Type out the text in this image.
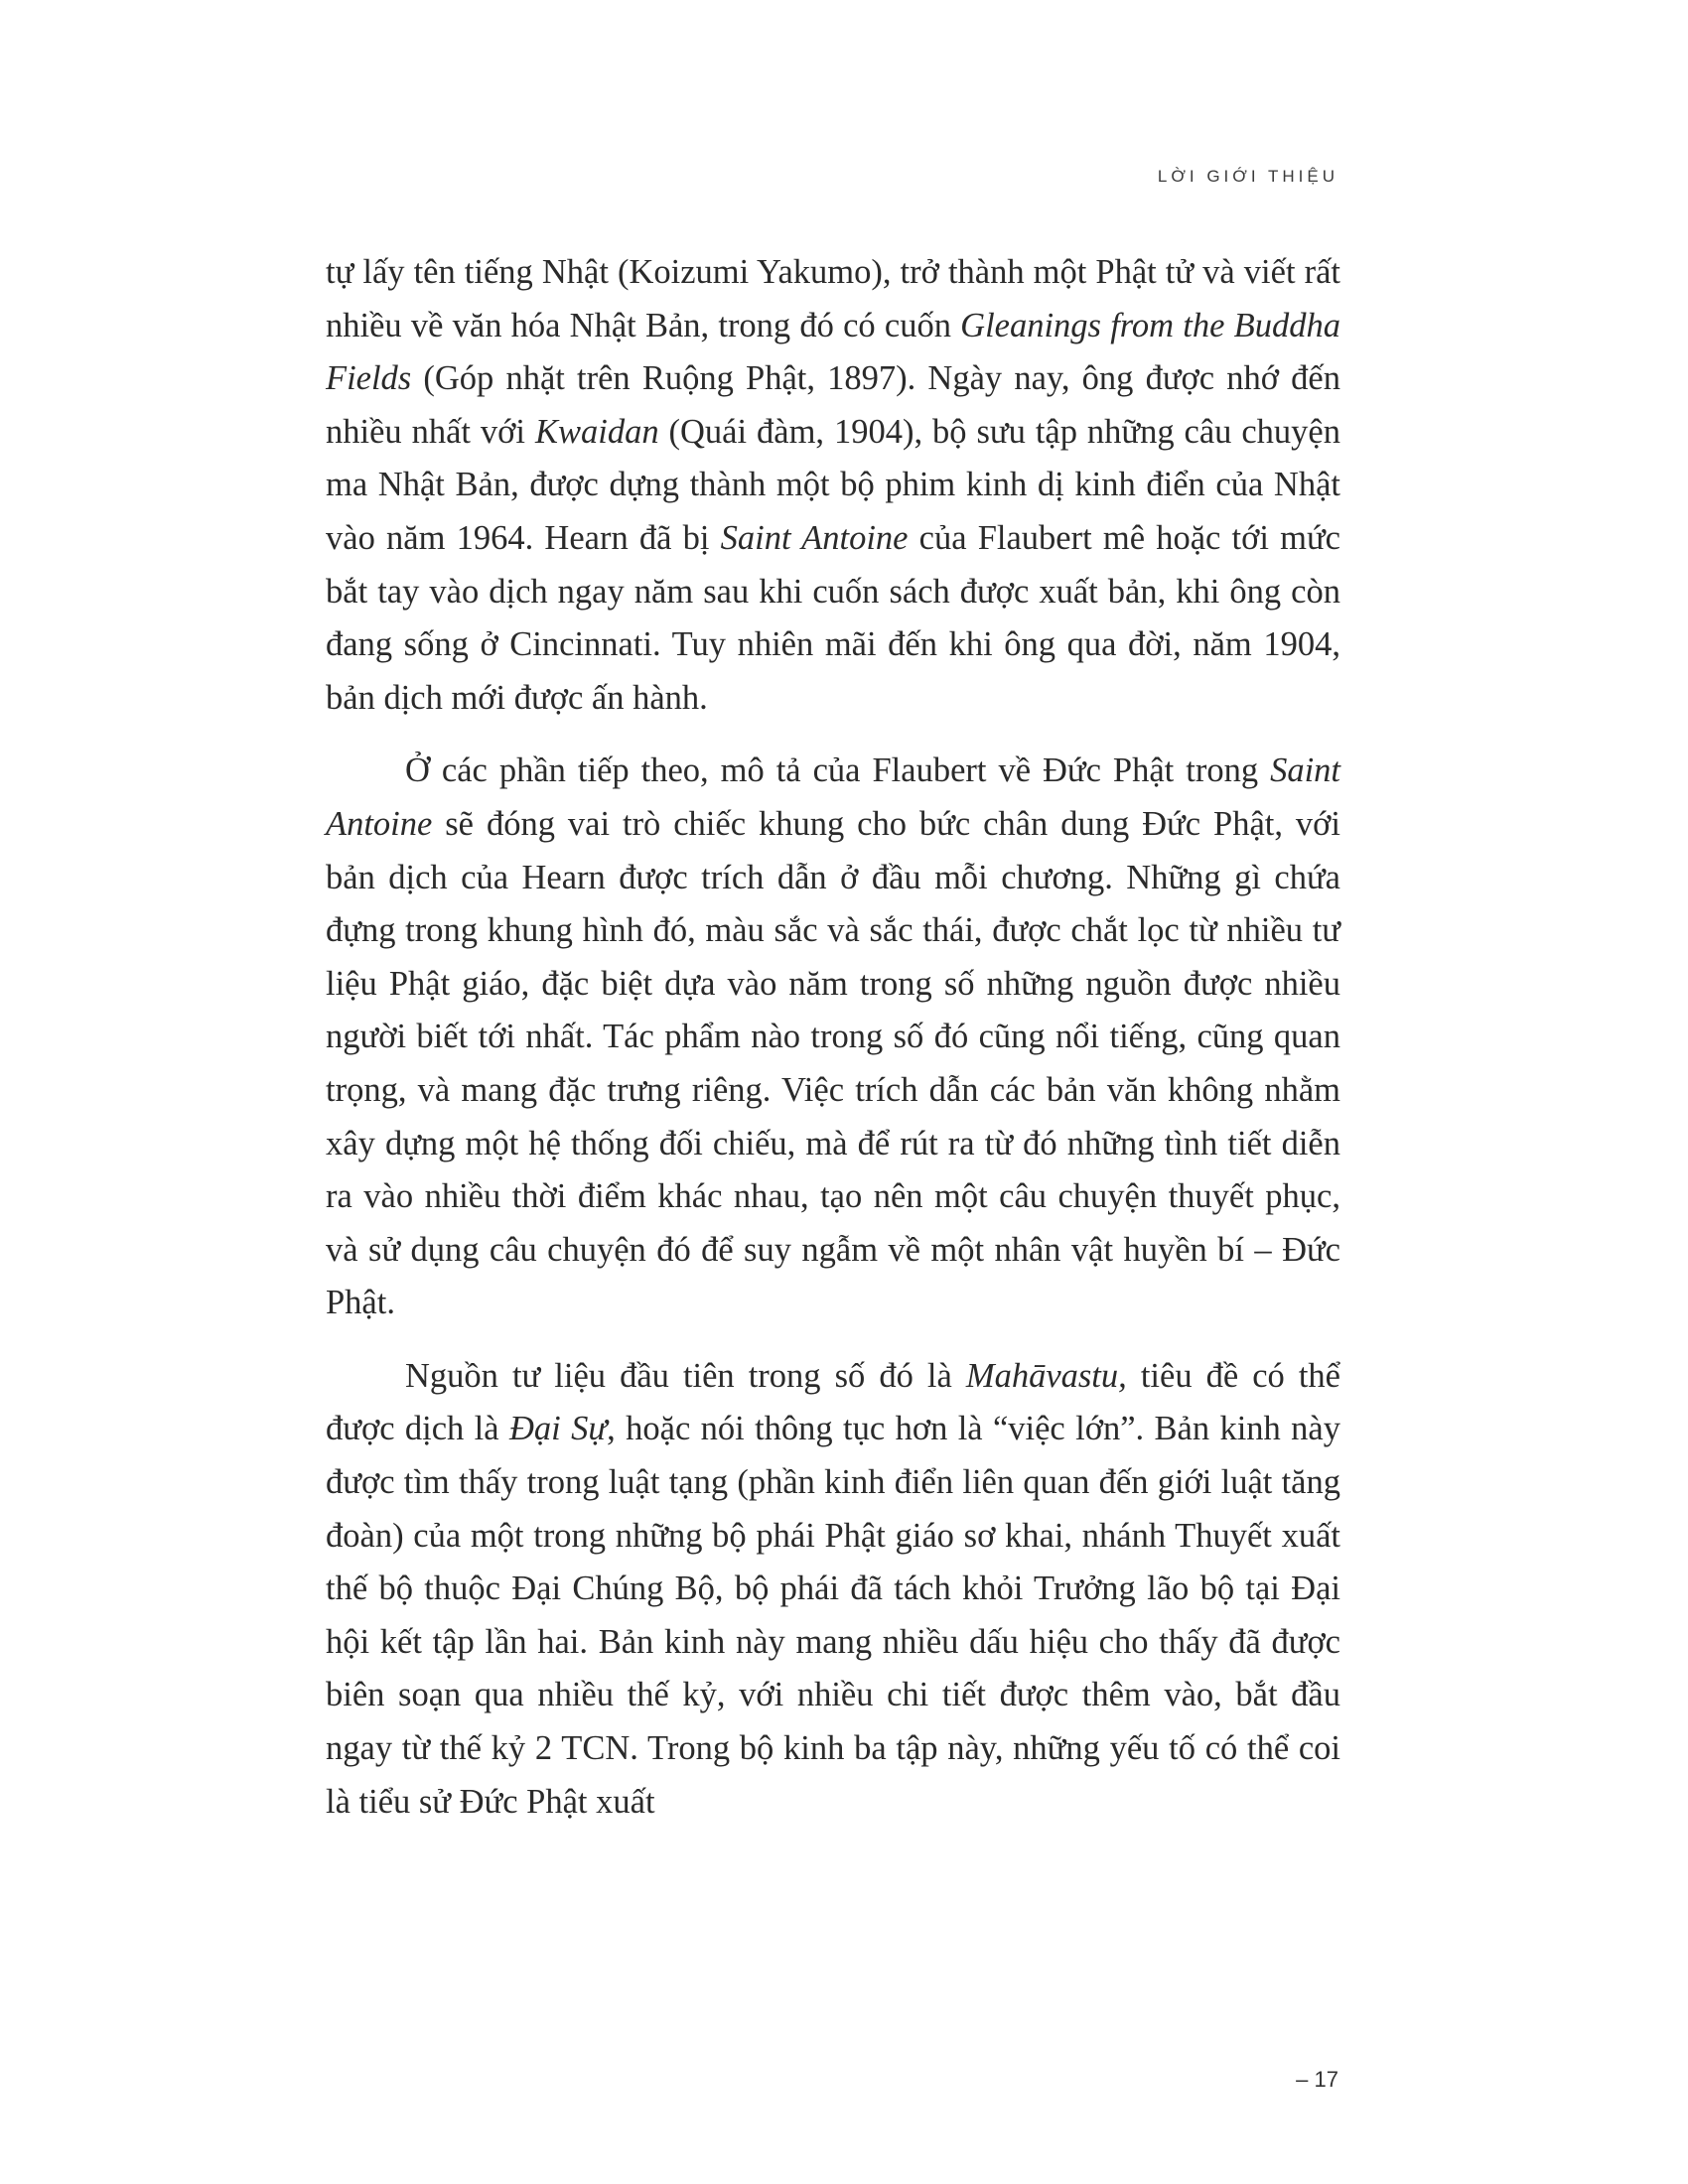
LỜI GIỚI THIỆU

tự lấy tên tiếng Nhật (Koizumi Yakumo), trở thành một Phật tử và viết rất nhiều về văn hóa Nhật Bản, trong đó có cuốn Gleanings from the Buddha Fields (Góp nhặt trên Ruộng Phật, 1897). Ngày nay, ông được nhớ đến nhiều nhất với Kwaidan (Quái đàm, 1904), bộ sưu tập những câu chuyện ma Nhật Bản, được dựng thành một bộ phim kinh dị kinh điển của Nhật vào năm 1964. Hearn đã bị Saint Antoine của Flaubert mê hoặc tới mức bắt tay vào dịch ngay năm sau khi cuốn sách được xuất bản, khi ông còn đang sống ở Cincinnati. Tuy nhiên mãi đến khi ông qua đời, năm 1904, bản dịch mới được ấn hành.

Ở các phần tiếp theo, mô tả của Flaubert về Đức Phật trong Saint Antoine sẽ đóng vai trò chiếc khung cho bức chân dung Đức Phật, với bản dịch của Hearn được trích dẫn ở đầu mỗi chương. Những gì chứa đựng trong khung hình đó, màu sắc và sắc thái, được chắt lọc từ nhiều tư liệu Phật giáo, đặc biệt dựa vào năm trong số những nguồn được nhiều người biết tới nhất. Tác phẩm nào trong số đó cũng nổi tiếng, cũng quan trọng, và mang đặc trưng riêng. Việc trích dẫn các bản văn không nhằm xây dựng một hệ thống đối chiếu, mà để rút ra từ đó những tình tiết diễn ra vào nhiều thời điểm khác nhau, tạo nên một câu chuyện thuyết phục, và sử dụng câu chuyện đó để suy ngẫm về một nhân vật huyền bí – Đức Phật.

Nguồn tư liệu đầu tiên trong số đó là Mahāvastu, tiêu đề có thể được dịch là Đại Sự, hoặc nói thông tục hơn là “việc lớn”. Bản kinh này được tìm thấy trong luật tạng (phần kinh điển liên quan đến giới luật tăng đoàn) của một trong những bộ phái Phật giáo sơ khai, nhánh Thuyết xuất thế bộ thuộc Đại Chúng Bộ, bộ phái đã tách khỏi Trưởng lão bộ tại Đại hội kết tập lần hai. Bản kinh này mang nhiều dấu hiệu cho thấy đã được biên soạn qua nhiều thế kỷ, với nhiều chi tiết được thêm vào, bắt đầu ngay từ thế kỷ 2 TCN. Trong bộ kinh ba tập này, những yếu tố có thể coi là tiểu sử Đức Phật xuất

– 17
